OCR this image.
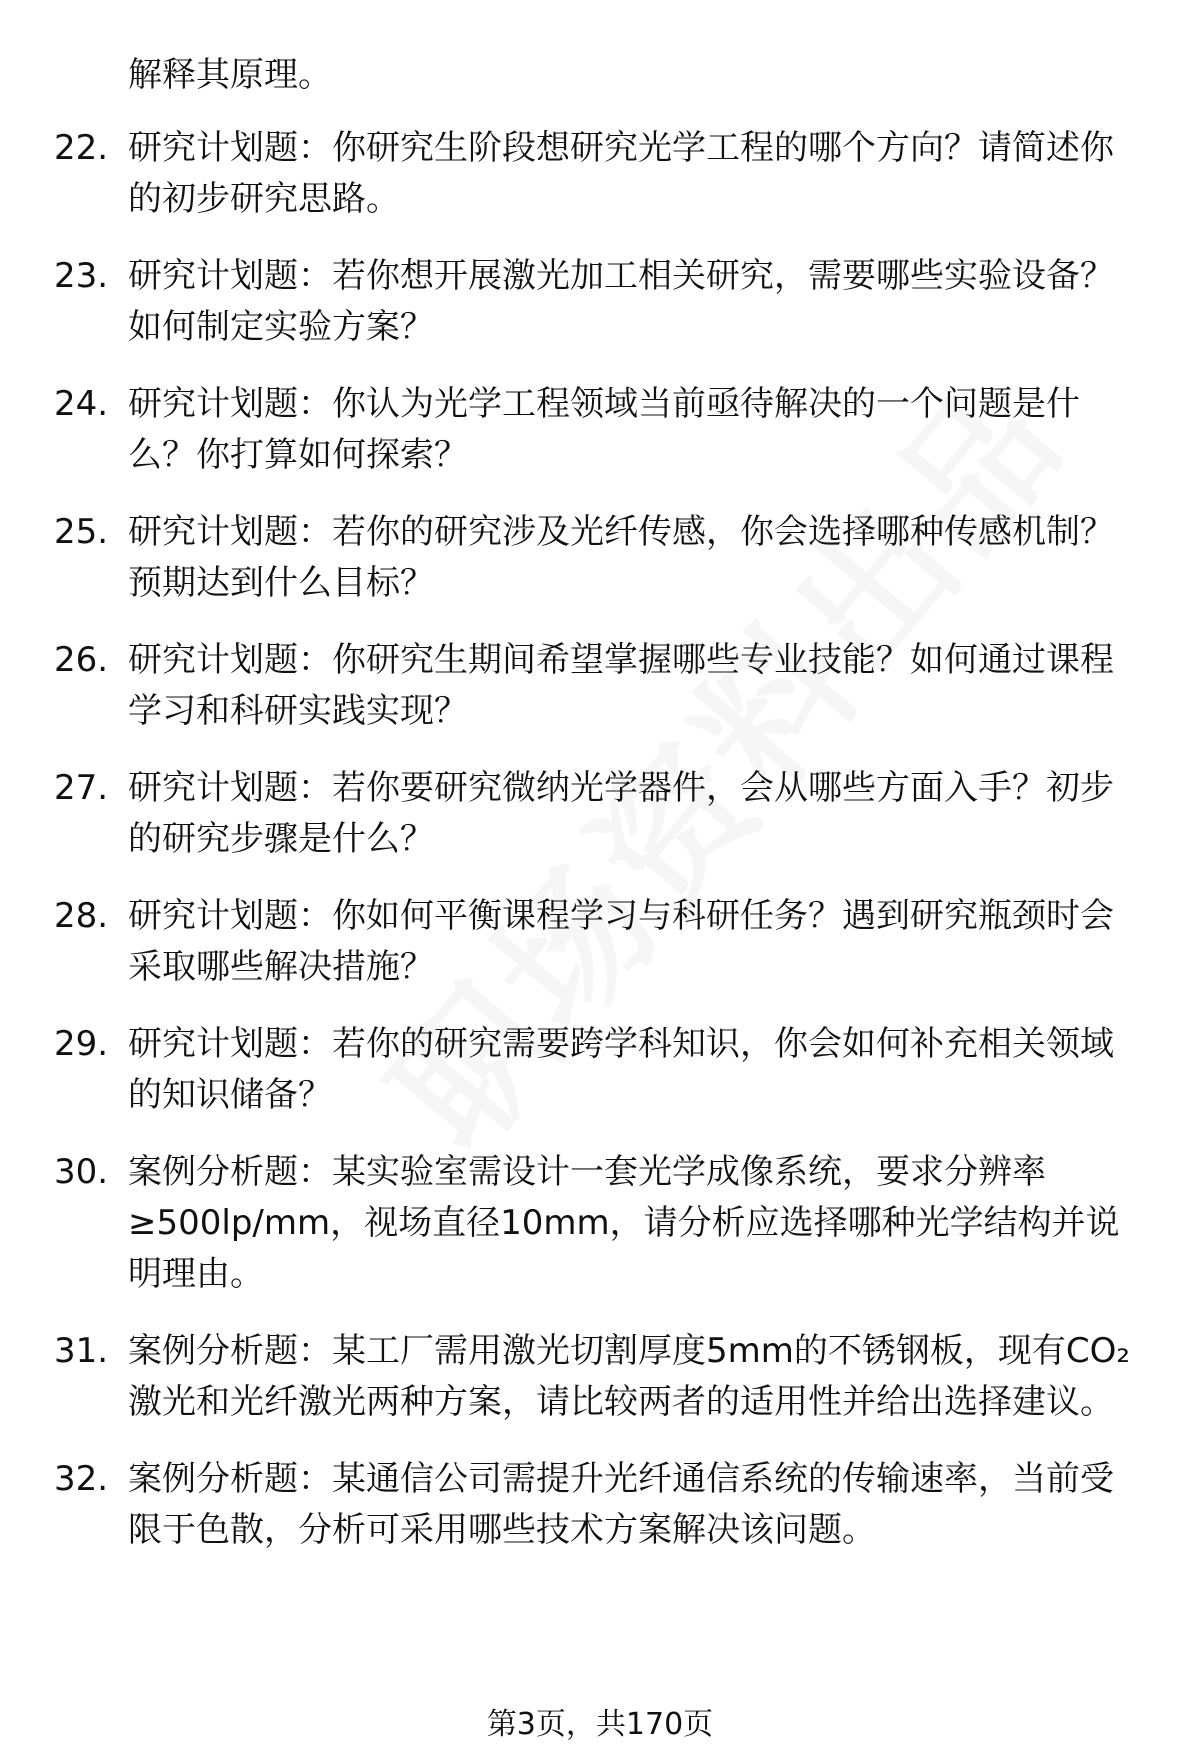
解释其原理。
22. 研究计划题：你研究生阶段想研究光学工程的哪个方向？请简述你的初步研究思路。
23. 研究计划题：若你想开展激光加工相关研究，需要哪些实验设备？如何制定实验方案？
24. 研究计划题：你认为光学工程领域当前亟待解决的一个问题是什么？你打算如何探索？
25. 研究计划题：若你的研究涉及光纤传感，你会选择哪种传感机制？预期达到什么目标？
26. 研究计划题：你研究生期间希望掌握哪些专业技能？如何通过课程学习和科研实践实现？
27. 研究计划题：若你要研究微纳光学器件，会从哪些方面入手？初步的研究步骤是什么？
28. 研究计划题：你如何平衡课程学习与科研任务？遇到研究瓶颈时会采取哪些解决措施？
29. 研究计划题：若你的研究需要跨学科知识，你会如何补充相关领域的知识储备？
30. 案例分析题：某实验室需设计一套光学成像系统，要求分辨率≥500lp/mm，视场直径10mm，请分析应选择哪种光学结构并说明理由。
31. 案例分析题：某工厂需用激光切割厚度5mm的不锈钢板，现有CO₂激光和光纤激光两种方案，请比较两者的适用性并给出选择建议。
32. 案例分析题：某通信公司需提升光纤通信系统的传输速率，当前受限于色散，分析可采用哪些技术方案解决该问题。
第3页，共170页
